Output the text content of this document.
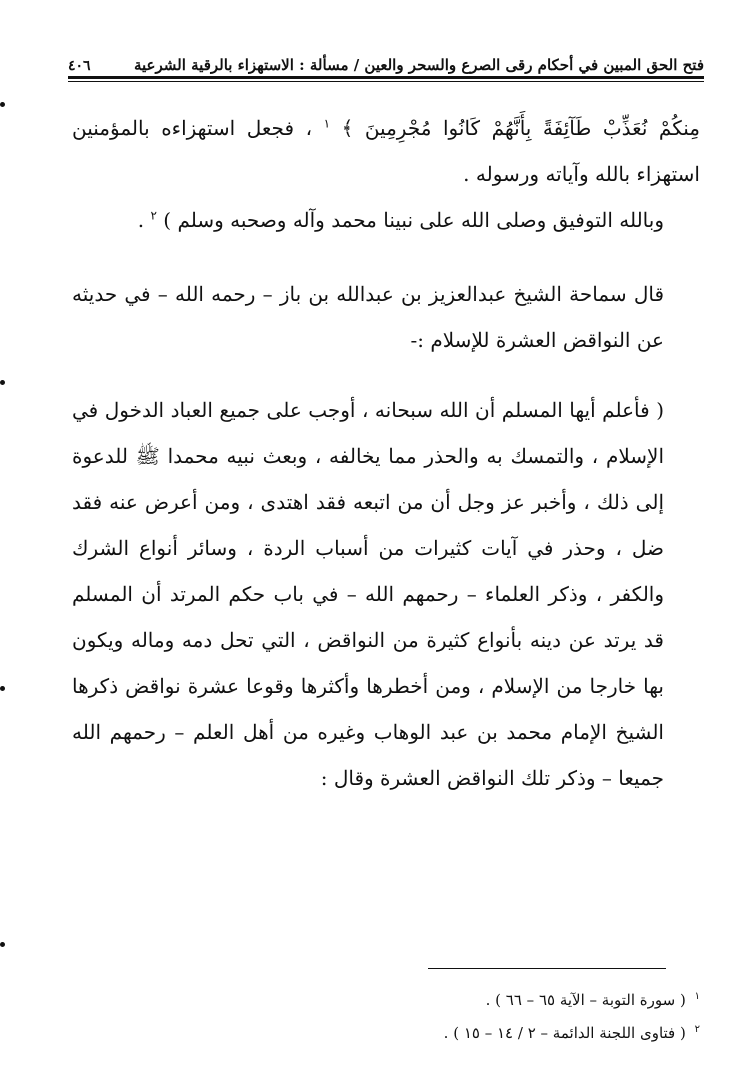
فتح الحق المبين في أحكام رقى الصرع والسحر والعين / مسألة : الاستهزاء بالرقية الشرعية
٤٠٦

مِنكُمْ نُعَذِّبْ طَآئِفَةً بِأَنَّهُمْ كَانُوا مُجْرِمِينَ ﴾ $^١$ ، فجعل استهزاءه بالمؤمنين استهزاء بالله وآياته ورسوله .

وبالله التوفيق وصلى الله على نبينا محمد وآله وصحبه وسلم ) $^٢$ .

قال سماحة الشيخ عبدالعزيز بن عبدالله بن باز – رحمه الله – في حديثه عن النواقض العشرة للإسلام :-

( فأعلم أيها المسلم أن الله سبحانه ، أوجب على جميع العباد الدخول في الإسلام ، والتمسك به والحذر مما يخالفه ، وبعث نبيه محمدا ﷺ للدعوة إلى ذلك ، وأخبر عز وجل أن من اتبعه فقد اهتدى ، ومن أعرض عنه فقد ضل ، وحذر في آيات كثيرات من أسباب الردة ، وسائر أنواع الشرك والكفر ، وذكر العلماء – رحمهم الله – في باب حكم المرتد أن المسلم قد يرتد عن دينه بأنواع كثيرة من النواقض ، التي تحل دمه وماله ويكون بها خارجا من الإسلام ، ومن أخطرها وأكثرها وقوعا عشرة نواقض ذكرها الشيخ الإمام محمد بن عبد الوهاب وغيره من أهل العلم – رحمهم الله جميعا – وذكر تلك النواقض العشرة وقال :

$^١$ ( سورة التوبة – الآية ٦٥ – ٦٦ ) .

$^٢$ ( فتاوى اللجنة الدائمة – ٢ / ١٤ – ١٥ ) .
